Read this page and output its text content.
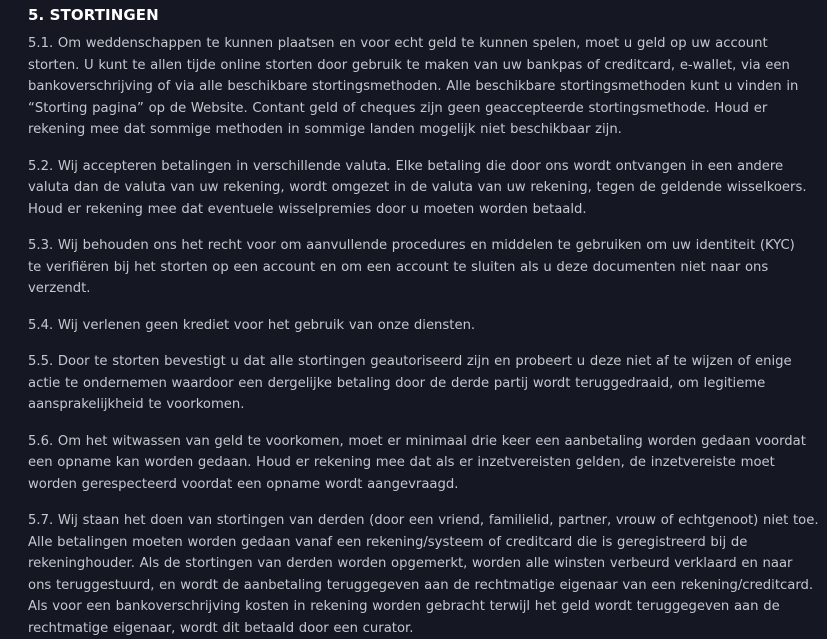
5. STORTINGEN

5.1. Om weddenschappen te kunnen plaatsen en voor echt geld te kunnen spelen, moet u geld op uw account
storten. U kunt te allen tijde online storten door gebruik te maken van uw bankpas of creditcard, e-wallet, via een
bankoverschrijving of via alle beschikbare stortingsmethoden. Alle beschikbare stortingsmethoden kunt u vinden in
“Storting pagina” op de Website. Contant geld of cheques zijn geen geaccepteerde stortingsmethode. Houd er
rekening mee dat sommige methoden in sommige landen mogelijk niet beschikbaar zijn.

5.2. Wij accepteren betalingen in verschillende valuta. Elke betaling die door ons wordt ontvangen in een andere
valuta dan de valuta van uw rekening, wordt omgezet in de valuta van uw rekening, tegen de geldende wisselkoers.
Houd er rekening mee dat eventuele wisselpremies door u moeten worden betaald.

5.3. Wij behouden ons het recht voor om aanvullende procedures en middelen te gebruiken om uw identiteit (KYC)
te verifiëren bij het storten op een account en om een account te sluiten als u deze documenten niet naar ons
verzendt.

5.4. Wij verlenen geen krediet voor het gebruik van onze diensten.

5.5. Door te storten bevestigt u dat alle stortingen geautoriseerd zijn en probeert u deze niet af te wijzen of enige
actie te ondernemen waardoor een dergelijke betaling door de derde partij wordt teruggedraaid, om legitieme
aansprakelijkheid te voorkomen.

5.6. Om het witwassen van geld te voorkomen, moet er minimaal drie keer een aanbetaling worden gedaan voordat
een opname kan worden gedaan. Houd er rekening mee dat als er inzetvereisten gelden, de inzetvereiste moet
worden gerespecteerd voordat een opname wordt aangevraagd.

5.7. Wij staan het doen van stortingen van derden (door een vriend, familielid, partner, vrouw of echtgenoot) niet toe.
Alle betalingen moeten worden gedaan vanaf een rekening/systeem of creditcard die is geregistreerd bij de
rekeninghouder. Als de stortingen van derden worden opgemerkt, worden alle winsten verbeurd verklaard en naar
ons teruggestuurd, en wordt de aanbetaling teruggegeven aan de rechtmatige eigenaar van een rekening/creditcard.
Als voor een bankoverschrijving kosten in rekening worden gebracht terwijl het geld wordt teruggegeven aan de
rechtmatige eigenaar, wordt dit betaald door een curator.
